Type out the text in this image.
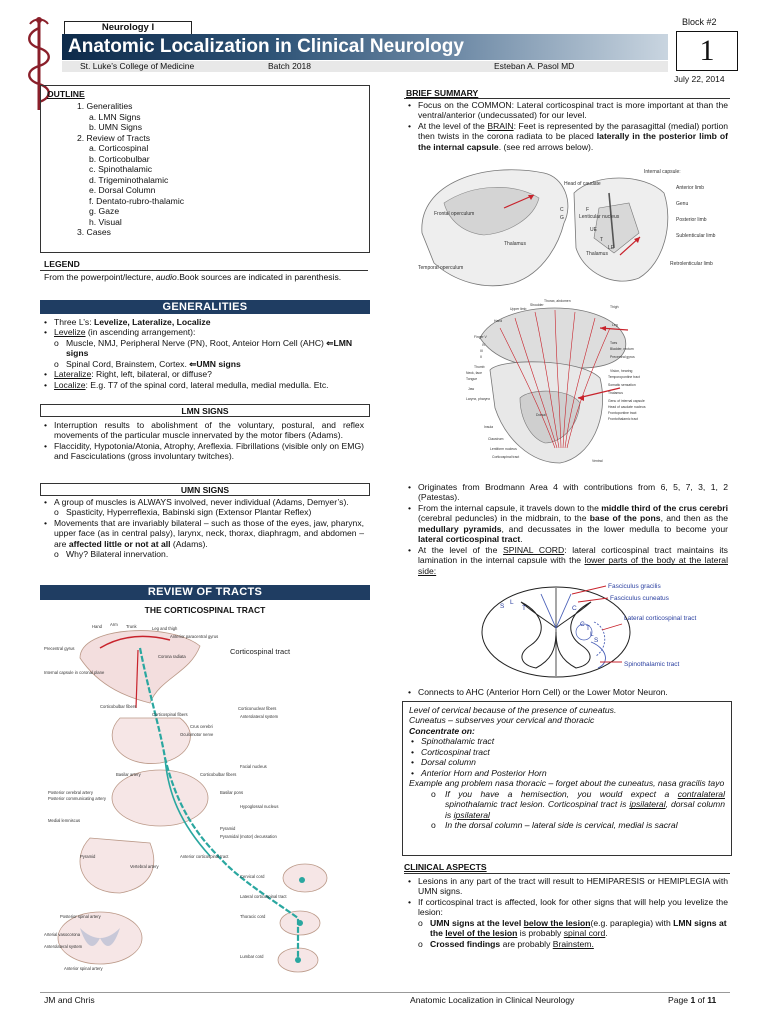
Neurology I	Block #2
Anatomic Localization in Clinical Neurology	1
St. Luke’s College of Medicine	Batch 2018	Esteban A. Pasol MD
July 22, 2014
OUTLINE
1. Generalities
a. LMN Signs
b. UMN Signs
2. Review of Tracts
a. Corticospinal
b. Corticobulbar
c. Spinothalamic
d. Trigeminothalamic
e. Dorsal Column
f. Dentato-rubro-thalamic
g. Gaze
h. Visual
3. Cases
LEGEND
From the powerpoint/lecture, audio.Book sources are indicated in parenthesis.
GENERALITIES
• Three L’s: Levelize, Lateralize, Localize
• Levelize (in ascending arrangement):
o Muscle, NMJ, Peripheral Nerve (PN), Root, Anteior Horn Cell (AHC) ⇐LMN signs
o Spinal Cord, Brainstem, Cortex. ⇐UMN signs
• Lateralize: Right, left, bilateral, or diffuse?
• Localize: E.g. T7 of the spinal cord, lateral medulla, medial medulla. Etc.
LMN SIGNS
• Interruption results to abolishment of the voluntary, postural, and reflex movements of the particular muscle innervated by the motor fibers (Adams).
• Flaccidity, Hypotonia/Atonia, Atrophy, Areflexia. Fibrillations (visible only on EMG) and Fasciculations (gross involuntary twitches).
UMN SIGNS
• A group of muscles is ALWAYS involved, never individual (Adams, Demyer’s).
o Spasticity, Hyperreflexia, Babinski sign (Extensor Plantar Reflex)
• Movements that are invariably bilateral – such as those of the eyes, jaw, pharynx, upper face (as in central palsy), larynx, neck, thorax, diaphragm, and abdomen – are affected little or not at all (Adams).
o Why? Bilateral innervation.
REVIEW OF TRACTS
THE CORTICOSPINAL TRACT
Corticospinal tract
Hand Arm Trunk	Leg and thigh
Anterior paracentral gyrus
Precentral gyrus
Corona radiata
Internal capsule in coronal plane
Corticobulbar fibers
Corticospinal fibers
Crus cerebri
Oculomotor nerve
Corticonuclear fibers
Anterolateral system
Facial nucleus
Corticobulbar fibers
Basilar artery
Posterior cerebral artery
Posterior communicating artery
Basilar pons
Hypoglossal nucleus
Medial lemniscus
Pyramid
Pyramidal (motor) decussation
Anterior corticospinal tract
Cervical cord
Lateral corticospinal tract
Thoracic cord
Posterior spinal artery
Arterial vasocorona
Anterolateral system
Anterior spinal artery
Lumbar cord
Pyramid
Vertebral artery
BRIEF SUMMARY
• Focus on the COMMON: Lateral corticospinal tract is more important at than the ventral/anterior (undecussated) for our level.
• At the level of the BRAIN: Feet is represented by the parasagittal (medial) portion then twists in the corona radiata to be placed laterally in the posterior limb of the internal capsule. (see red arrows below).
Internal capsule:
Head of caudate
Anterior limb
Genu
Posterior limb
Sublenticular limb
Retrolenticular limb
Frontal operculum	Lenticular nucleus
Thalamus
Thalamus
Temporal operculum
C
G
F
UE
T
LE
Thorax, abdomen
Shoulder
Upper limb
Hand
Finger V
IV
III
II
Thumb
Neck, face
Tongue
Jaw
Larynx, pharynx
Insula
Claustrum
Lentiform nucleus
Corticospinal tract
Thigh
Leg
Toes
Bladder, rectum
Precentral gyrus
Vision, hearing
Temporopontine tract
Somatic sensation
Thalamus
Genu of internal capsule
Head of caudate nucleus
Frontopontine tract
Frontothalamic tract
Dorsal
Ventral
• Originates from Brodmann Area 4 with contributions from 6, 5, 7, 3, 1, 2 (Patestas).
• From the internal capsule, it travels down to the middle third of the crus cerebri (cerebral peduncles) in the midbrain, to the base of the pons, and then as the medullary pyramids, and decussates in the lower medulla to become your lateral corticospinal tract.
• At the level of the SPINAL CORD: lateral corticospinal tract maintains its lamination in the internal capsule with the lower parts of the body at the lateral side:
Fasciculus gracilis
Fasciculus cuneatus
Lateral corticospinal tract
Spinothalamic tract
S
L
T	C
C
T
L
S
• Connects to AHC (Anterior Horn Cell) or the Lower Motor Neuron.
Level of cervical because of the presence of cuneatus.
Cuneatus – subserves your cervical and thoracic
Concentrate on:
• Spinothalamic tract
• Corticospinal tract
• Dorsal column
• Anterior Horn and Posterior Horn
Example ang problem nasa thoracic – forget about the cuneatus, nasa gracilis tayo
o If you have a hemisection, you would expect a contralateral spinothalamic tract lesion. Corticospinal tract is ipsilateral, dorsal column is ipsilateral
o In the dorsal column – lateral side is cervical, medial is sacral
CLINICAL ASPECTS
• Lesions in any part of the tract will result to HEMIPARESIS or HEMIPLEGIA with UMN signs.
• If corticospinal tract is affected, look for other signs that will help you levelize the lesion:
o UMN signs at the level below the lesion(e.g. paraplegia) with LMN signs at the level of the lesion is probably spinal cord.
o Crossed findings are probably Brainstem.
JM and Chris	Anatomic Localization in Clinical Neurology	Page 1 of 11
